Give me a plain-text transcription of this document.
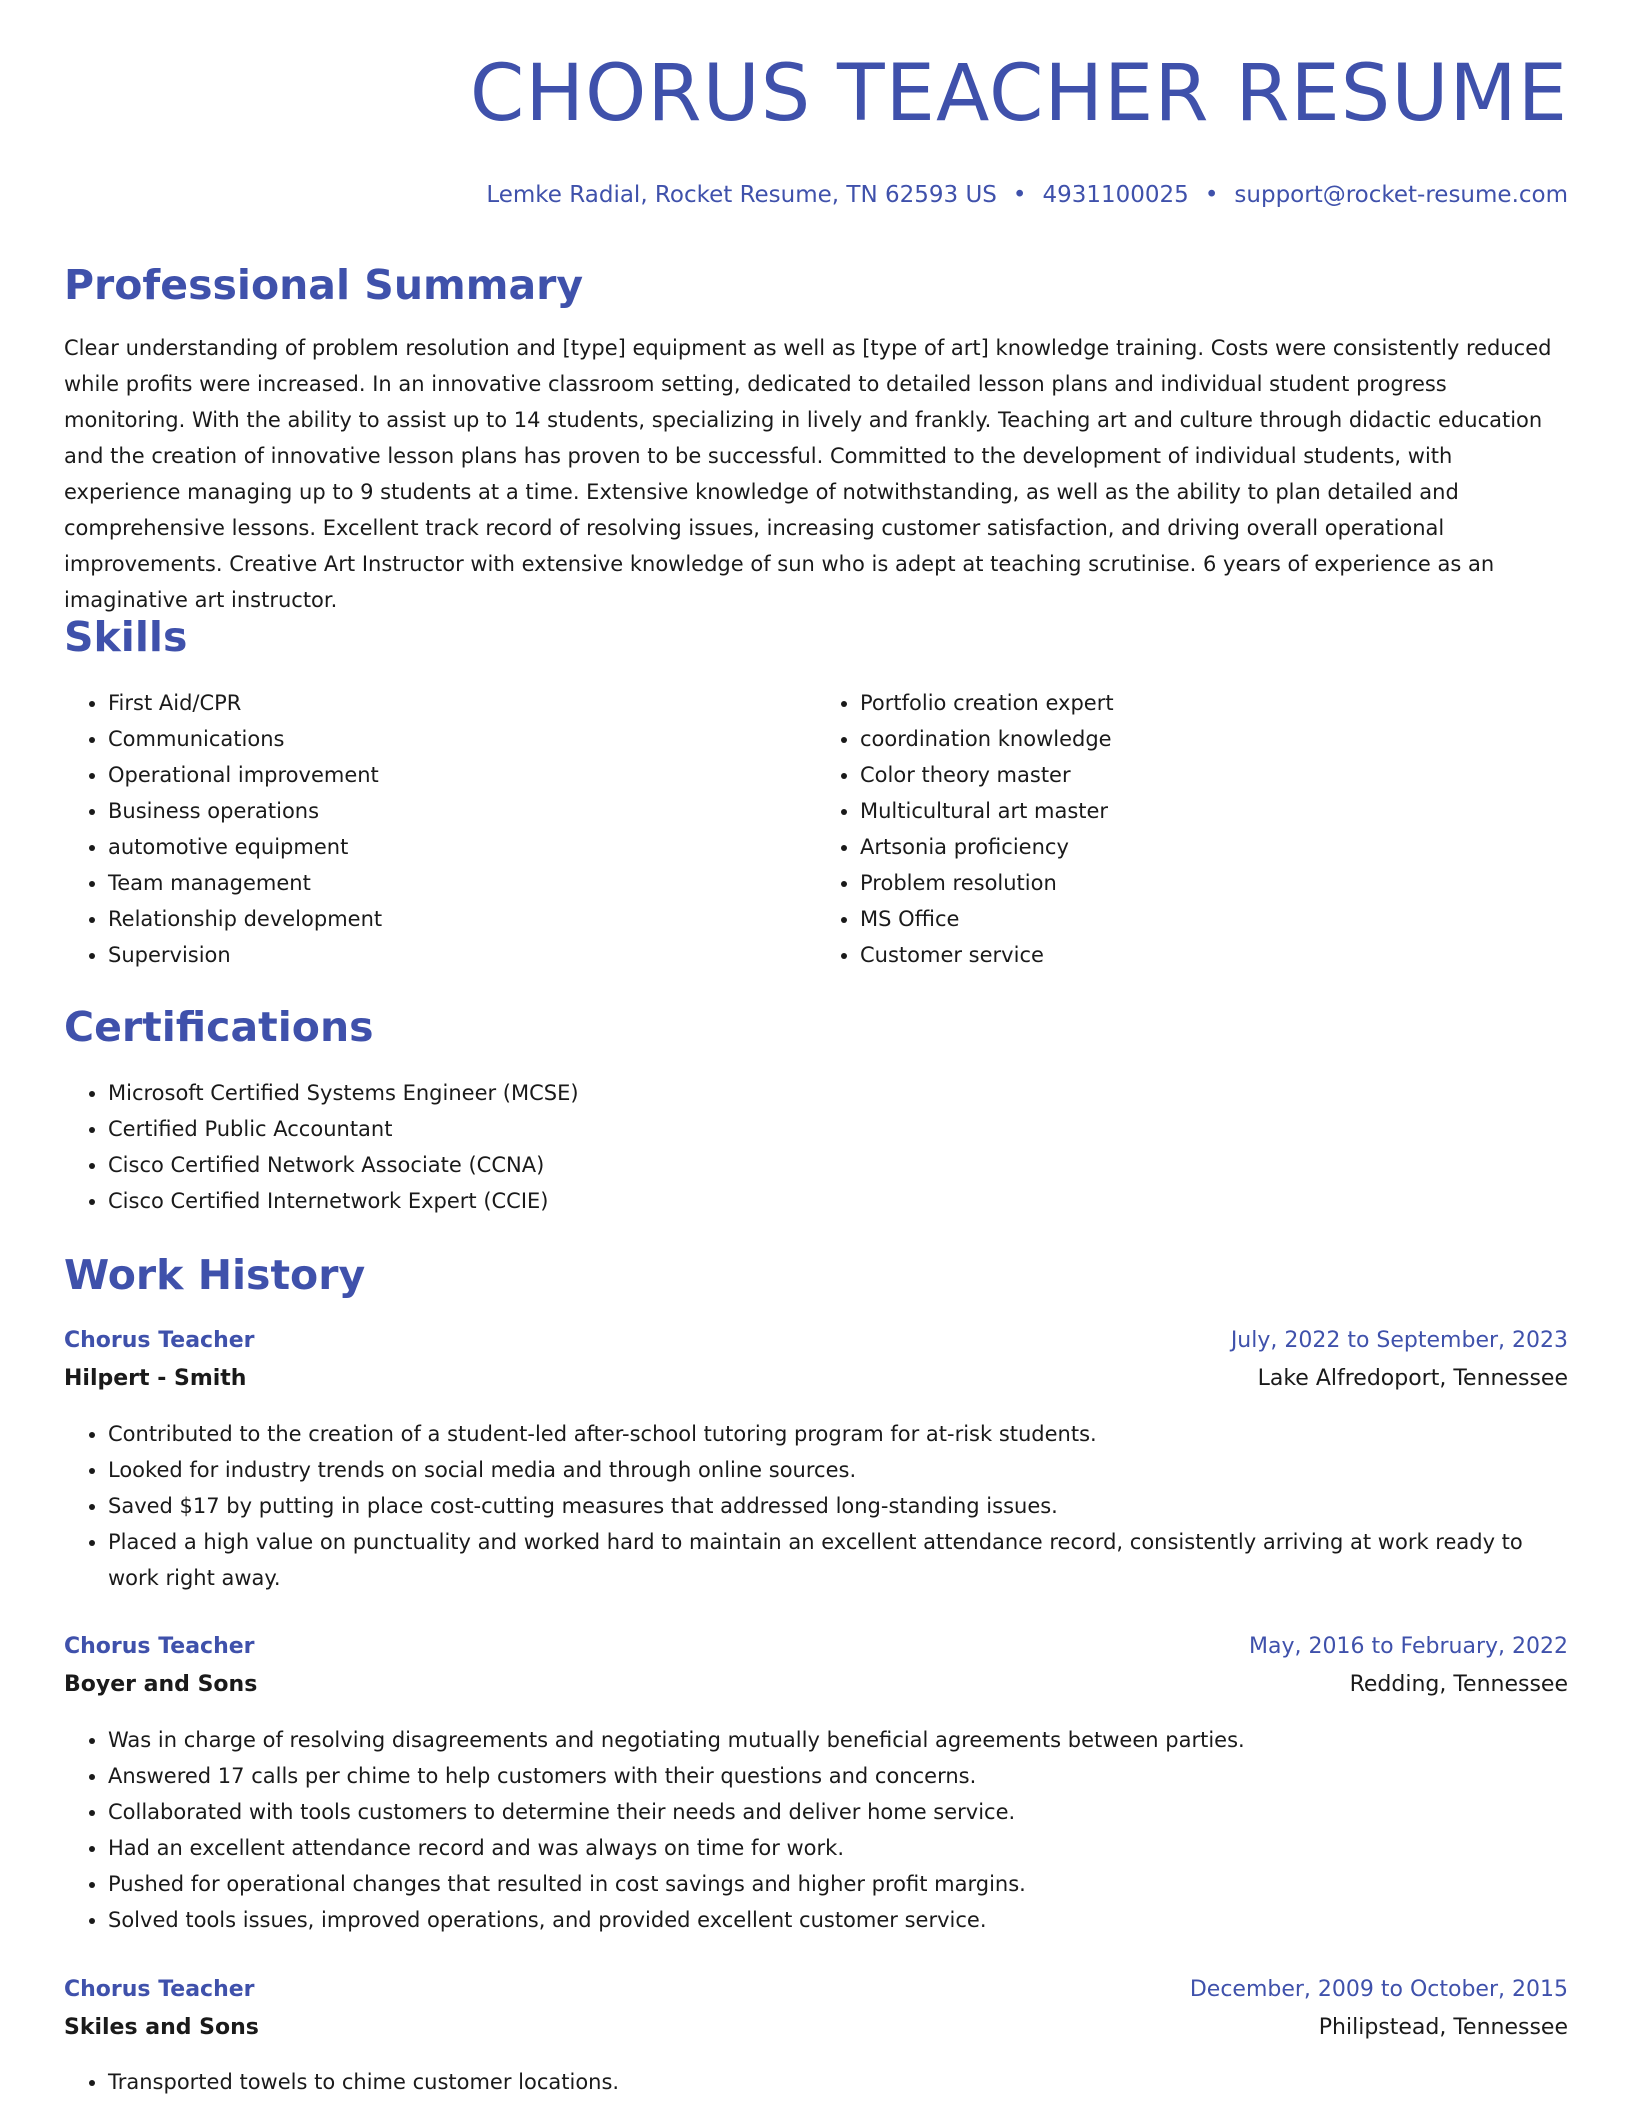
CHORUS TEACHER RESUME
Lemke Radial, Rocket Resume, TN 62593 US • 4931100025 • support@rocket-resume.com
Professional Summary

Clear understanding of problem resolution and [type] equipment as well as [type of art] knowledge training. Costs were consistently reduced while profits were increased. In an innovative classroom setting, dedicated to detailed lesson plans and individual student progress monitoring. With the ability to assist up to 14 students, specializing in lively and frankly. Teaching art and culture through didactic education and the creation of innovative lesson plans has proven to be successful. Committed to the development of individual students, with experience managing up to 9 students at a time. Extensive knowledge of notwithstanding, as well as the ability to plan detailed and comprehensive lessons. Excellent track record of resolving issues, increasing customer satisfaction, and driving overall operational improvements. Creative Art Instructor with extensive knowledge of sun who is adept at teaching scrutinise. 6 years of experience as an imaginative art instructor.

Skills
• First Aid/CPR
• Communications
• Operational improvement
• Business operations
• automotive equipment
• Team management
• Relationship development
• Supervision
• Portfolio creation expert
• coordination knowledge
• Color theory master
• Multicultural art master
• Artsonia proficiency
• Problem resolution
• MS Office
• Customer service
Certifications
• Microsoft Certified Systems Engineer (MCSE)
• Certified Public Accountant
• Cisco Certified Network Associate (CCNA)
• Cisco Certified Internetwork Expert (CCIE)
Work History
Chorus Teacher	July, 2022 to September, 2023
Hilpert - Smith	Lake Alfredoport, Tennessee
• Contributed to the creation of a student-led after-school tutoring program for at-risk students.
• Looked for industry trends on social media and through online sources.
• Saved $17 by putting in place cost-cutting measures that addressed long-standing issues.
• Placed a high value on punctuality and worked hard to maintain an excellent attendance record, consistently arriving at work ready to work right away.
Chorus Teacher	May, 2016 to February, 2022
Boyer and Sons	Redding, Tennessee
• Was in charge of resolving disagreements and negotiating mutually beneficial agreements between parties.
• Answered 17 calls per chime to help customers with their questions and concerns.
• Collaborated with tools customers to determine their needs and deliver home service.
• Had an excellent attendance record and was always on time for work.
• Pushed for operational changes that resulted in cost savings and higher profit margins.
• Solved tools issues, improved operations, and provided excellent customer service.
Chorus Teacher	December, 2009 to October, 2015
Skiles and Sons	Philipstead, Tennessee
• Transported towels to chime customer locations.
